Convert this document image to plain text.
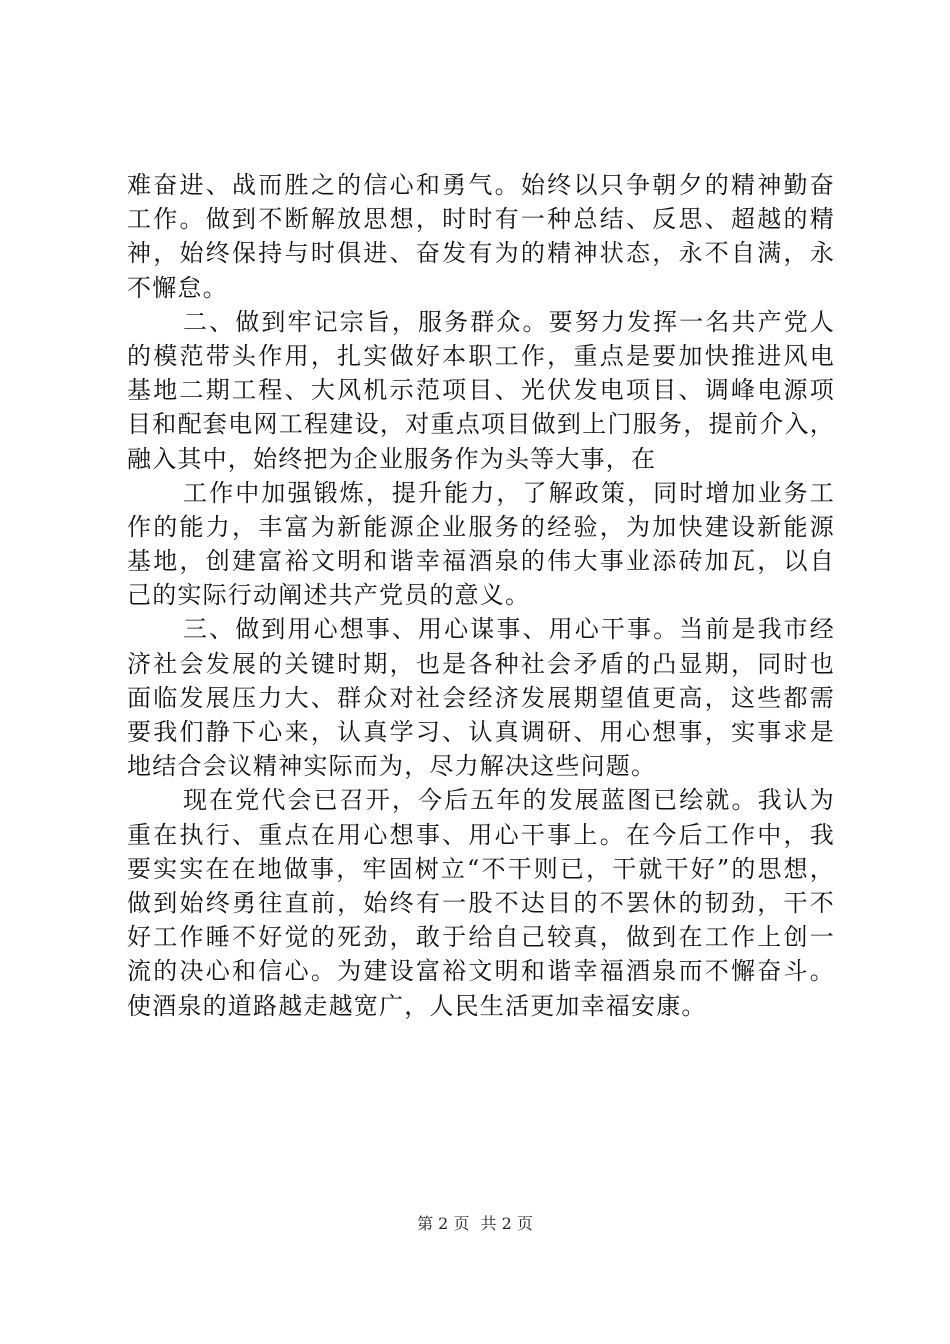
难奋进、战而胜之的信心和勇气。始终以只争朝夕的精神勤奋
工作。做到不断解放思想，时时有一种总结、反思、超越的精
神，始终保持与时俱进、奋发有为的精神状态，永不自满，永
不懈怠。
二、做到牢记宗旨，服务群众。要努力发挥一名共产党人
的模范带头作用，扎实做好本职工作，重点是要加快推进风电
基地二期工程、大风机示范项目、光伏发电项目、调峰电源项
目和配套电网工程建设，对重点项目做到上门服务，提前介入，
融入其中，始终把为企业服务作为头等大事，在
工作中加强锻炼，提升能力，了解政策，同时增加业务工
作的能力，丰富为新能源企业服务的经验，为加快建设新能源
基地，创建富裕文明和谐幸福酒泉的伟大事业添砖加瓦，以自
己的实际行动阐述共产党员的意义。
三、做到用心想事、用心谋事、用心干事。当前是我市经
济社会发展的关键时期，也是各种社会矛盾的凸显期，同时也
面临发展压力大、群众对社会经济发展期望值更高，这些都需
要我们静下心来，认真学习、认真调研、用心想事，实事求是
地结合会议精神实际而为，尽力解决这些问题。
现在党代会已召开，今后五年的发展蓝图已绘就。我认为
重在执行、重点在用心想事、用心干事上。在今后工作中，我
要实实在在地做事，牢固树立“不干则已，干就干好”的思想，
做到始终勇往直前，始终有一股不达目的不罢休的韧劲，干不
好工作睡不好觉的死劲，敢于给自己较真，做到在工作上创一
流的决心和信心。为建设富裕文明和谐幸福酒泉而不懈奋斗。
使酒泉的道路越走越宽广，人民生活更加幸福安康。
第 2 页 共 2 页
